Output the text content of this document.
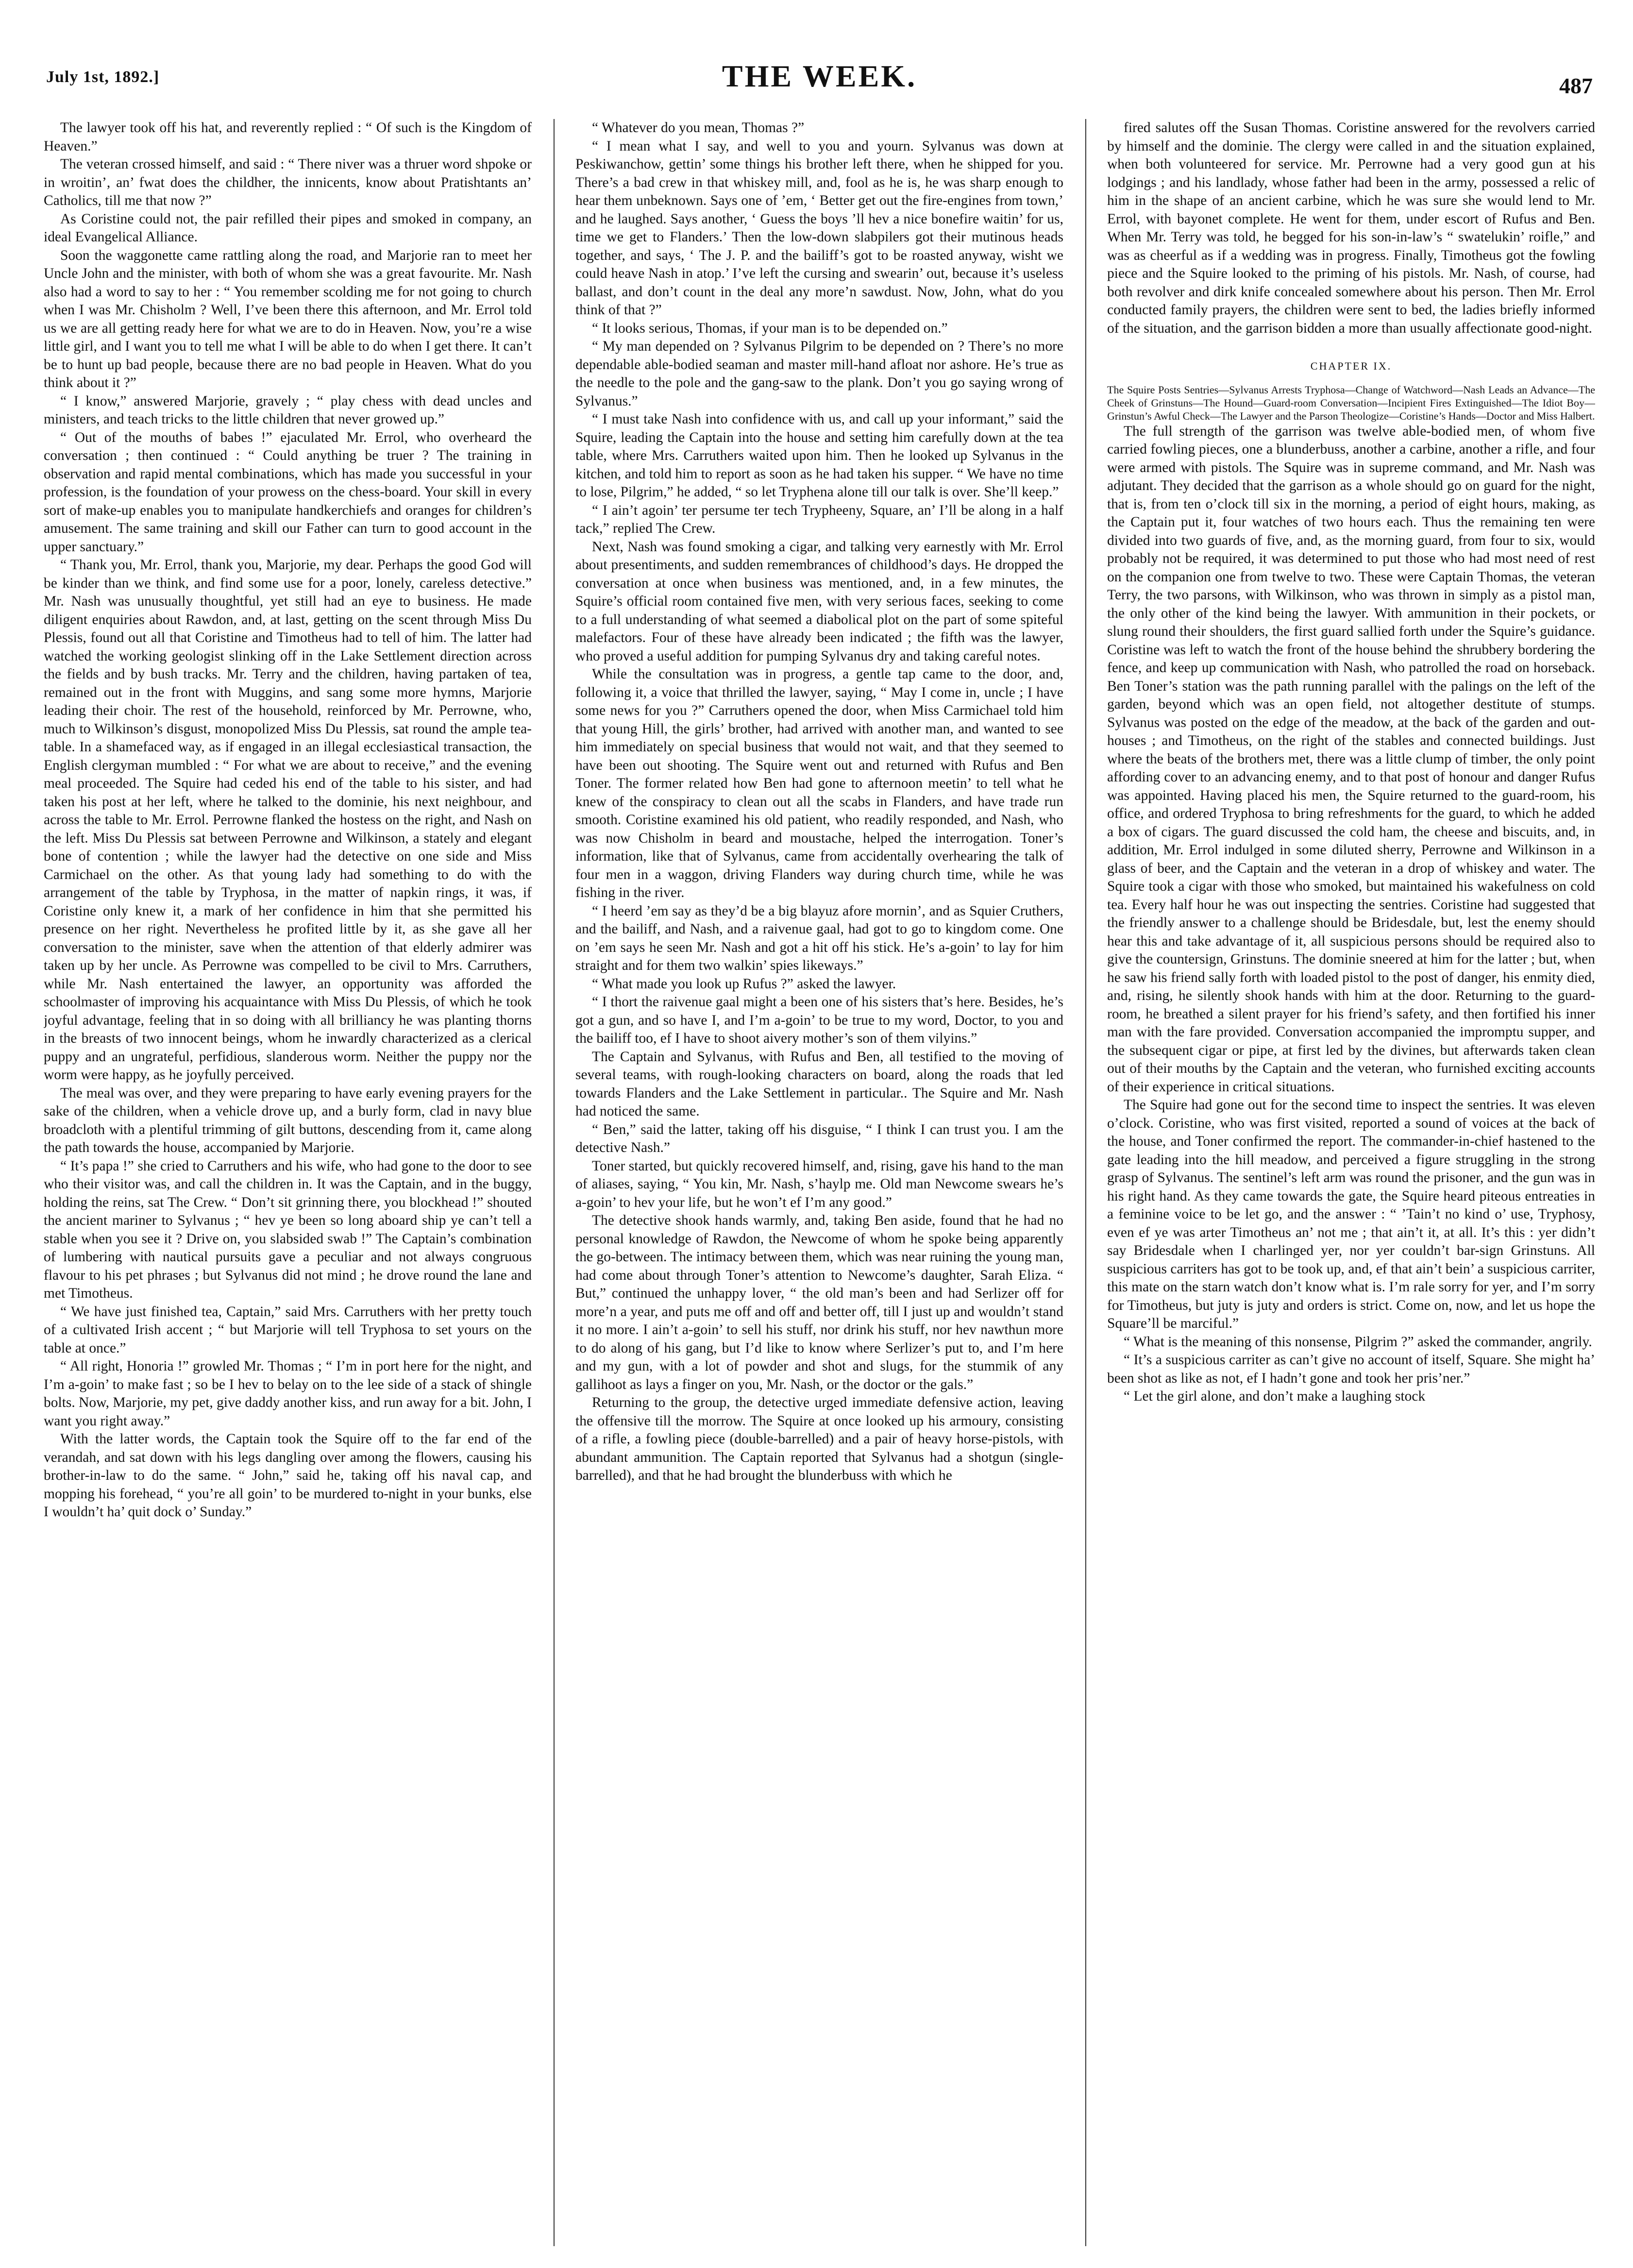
July 1st, 1892.]	THE WEEK.	487

The lawyer took off his hat, and reverently replied : “ Of such is the Kingdom of Heaven.”

The veteran crossed himself, and said : “ There niver was a thruer word shpoke or in wroitin’, an’ fwat does the childher, the innicents, know about Pratishtants an’ Catholics, till me that now ?”

As Coristine could not, the pair refilled their pipes and smoked in company, an ideal Evangelical Alliance.

Soon the waggonette came rattling along the road, and Marjorie ran to meet her Uncle John and the minister, with both of whom she was a great favourite. Mr. Nash also had a word to say to her : “ You remember scolding me for not going to church when I was Mr. Chisholm ? Well, I’ve been there this afternoon, and Mr. Errol told us we are all getting ready here for what we are to do in Heaven. Now, you’re a wise little girl, and I want you to tell me what I will be able to do when I get there. It can’t be to hunt up bad people, because there are no bad people in Heaven. What do you think about it ?”

“ I know,” answered Marjorie, gravely ; “ play chess with dead uncles and ministers, and teach tricks to the little children that never growed up.”

“ Out of the mouths of babes !” ejaculated Mr. Errol, who overheard the conversation ; then continued : “ Could anything be truer ? The training in observation and rapid mental combinations, which has made you successful in your profession, is the foundation of your prowess on the chess-board. Your skill in every sort of make-up enables you to manipulate handkerchiefs and oranges for children’s amusement. The same training and skill our Father can turn to good account in the upper sanctuary.”

“ Thank you, Mr. Errol, thank you, Marjorie, my dear. Perhaps the good God will be kinder than we think, and find some use for a poor, lonely, careless detective.” Mr. Nash was unusually thoughtful, yet still had an eye to business. He made diligent enquiries about Rawdon, and, at last, getting on the scent through Miss Du Plessis, found out all that Coristine and Timotheus had to tell of him. The latter had watched the working geologist slinking off in the Lake Settlement direction across the fields and by bush tracks. Mr. Terry and the children, having partaken of tea, remained out in the front with Muggins, and sang some more hymns, Marjorie leading their choir. The rest of the household, reinforced by Mr. Perrowne, who, much to Wilkinson’s disgust, monopolized Miss Du Plessis, sat round the ample tea-table. In a shamefaced way, as if engaged in an illegal ecclesiastical transaction, the English clergyman mumbled : “ For what we are about to receive,” and the evening meal proceeded. The Squire had ceded his end of the table to his sister, and had taken his post at her left, where he talked to the dominie, his next neighbour, and across the table to Mr. Errol. Perrowne flanked the hostess on the right, and Nash on the left. Miss Du Plessis sat between Perrowne and Wilkinson, a stately and elegant bone of contention ; while the lawyer had the detective on one side and Miss Carmichael on the other. As that young lady had something to do with the arrangement of the table by Tryphosa, in the matter of napkin rings, it was, if Coristine only knew it, a mark of her confidence in him that she permitted his presence on her right. Nevertheless he profited little by it, as she gave all her conversation to the minister, save when the attention of that elderly admirer was taken up by her uncle. As Perrowne was compelled to be civil to Mrs. Carruthers, while Mr. Nash entertained the lawyer, an opportunity was afforded the schoolmaster of improving his acquaintance with Miss Du Plessis, of which he took joyful advantage, feeling that in so doing with all brilliancy he was planting thorns in the breasts of two innocent beings, whom he inwardly characterized as a clerical puppy and an ungrateful, perfidious, slanderous worm. Neither the puppy nor the worm were happy, as he joyfully perceived.

The meal was over, and they were preparing to have early evening prayers for the sake of the children, when a vehicle drove up, and a burly form, clad in navy blue broadcloth with a plentiful trimming of gilt buttons, descending from it, came along the path towards the house, accompanied by Marjorie.

“ It’s papa !” she cried to Carruthers and his wife, who had gone to the door to see who their visitor was, and call the children in. It was the Captain, and in the buggy, holding the reins, sat The Crew. “ Don’t sit grinning there, you blockhead !” shouted the ancient mariner to Sylvanus ; “ hev ye been so long aboard ship ye can’t tell a stable when you see it ? Drive on, you slabsided swab !” The Captain’s combination of lumbering with nautical pursuits gave a peculiar and not always congruous flavour to his pet phrases ; but Sylvanus did not mind ; he drove round the lane and met Timotheus.

“ We have just finished tea, Captain,” said Mrs. Carruthers with her pretty touch of a cultivated Irish accent ; “ but Marjorie will tell Tryphosa to set yours on the table at once.”

“ All right, Honoria !” growled Mr. Thomas ; “ I’m in port here for the night, and I’m a-goin’ to make fast ; so be I hev to belay on to the lee side of a stack of shingle bolts. Now, Marjorie, my pet, give daddy another kiss, and run away for a bit. John, I want you right away.”

With the latter words, the Captain took the Squire off to the far end of the verandah, and sat down with his legs dangling over among the flowers, causing his brother-in-law to do the same. “ John,” said he, taking off his naval cap, and mopping his forehead, “ you’re all goin’ to be murdered to-night in your bunks, else I wouldn’t ha’ quit dock o’ Sunday.”

“ Whatever do you mean, Thomas ?”

“ I mean what I say, and well to you and yourn. Sylvanus was down at Peskiwanchow, gettin’ some things his brother left there, when he shipped for you. There’s a bad crew in that whiskey mill, and, fool as he is, he was sharp enough to hear them unbeknown. Says one of ’em, ‘ Better get out the fire-engines from town,’ and he laughed. Says another, ‘ Guess the boys ’ll hev a nice bonefire waitin’ for us, time we get to Flanders.’ Then the low-down slabpilers got their mutinous heads together, and says, ‘ The J. P. and the bailiff’s got to be roasted anyway, wisht we could heave Nash in atop.’ I’ve left the cursing and swearin’ out, because it’s useless ballast, and don’t count in the deal any more’n sawdust. Now, John, what do you think of that ?”

“ It looks serious, Thomas, if your man is to be depended on.”

“ My man depended on ? Sylvanus Pilgrim to be depended on ? There’s no more dependable able-bodied seaman and master mill-hand afloat nor ashore. He’s true as the needle to the pole and the gang-saw to the plank. Don’t you go saying wrong of Sylvanus.”

“ I must take Nash into confidence with us, and call up your informant,” said the Squire, leading the Captain into the house and setting him carefully down at the tea table, where Mrs. Carruthers waited upon him. Then he looked up Sylvanus in the kitchen, and told him to report as soon as he had taken his supper. “ We have no time to lose, Pilgrim,” he added, “ so let Tryphena alone till our talk is over. She’ll keep.”

“ I ain’t agoin’ ter persume ter tech Trypheeny, Square, an’ I’ll be along in a half tack,” replied The Crew.

Next, Nash was found smoking a cigar, and talking very earnestly with Mr. Errol about presentiments, and sudden remembrances of childhood’s days. He dropped the conversation at once when business was mentioned, and, in a few minutes, the Squire’s official room contained five men, with very serious faces, seeking to come to a full understanding of what seemed a diabolical plot on the part of some spiteful malefactors. Four of these have already been indicated ; the fifth was the lawyer, who proved a useful addition for pumping Sylvanus dry and taking careful notes.

While the consultation was in progress, a gentle tap came to the door, and, following it, a voice that thrilled the lawyer, saying, “ May I come in, uncle ; I have some news for you ?” Carruthers opened the door, when Miss Carmichael told him that young Hill, the girls’ brother, had arrived with another man, and wanted to see him immediately on special business that would not wait, and that they seemed to have been out shooting. The Squire went out and returned with Rufus and Ben Toner. The former related how Ben had gone to afternoon meetin’ to tell what he knew of the conspiracy to clean out all the scabs in Flanders, and have trade run smooth. Coristine examined his old patient, who readily responded, and Nash, who was now Chisholm in beard and moustache, helped the interrogation. Toner’s information, like that of Sylvanus, came from accidentally overhearing the talk of four men in a waggon, driving Flanders way during church time, while he was fishing in the river.

“ I heerd ’em say as they’d be a big blayuz afore mornin’, and as Squier Cruthers, and the bailiff, and Nash, and a raivenue gaal, had got to go to kingdom come. One on ’em says he seen Mr. Nash and got a hit off his stick. He’s a-goin’ to lay for him straight and for them two walkin’ spies likeways.”

“ What made you look up Rufus ?” asked the lawyer.

“ I thort the raivenue gaal might a been one of his sisters that’s here. Besides, he’s got a gun, and so have I, and I’m a-goin’ to be true to my word, Doctor, to you and the bailiff too, ef I have to shoot aivery mother’s son of them vilyins.”

The Captain and Sylvanus, with Rufus and Ben, all testified to the moving of several teams, with rough-looking characters on board, along the roads that led towards Flanders and the Lake Settlement in particular.. The Squire and Mr. Nash had noticed the same.

“ Ben,” said the latter, taking off his disguise, “ I think I can trust you. I am the detective Nash.”

Toner started, but quickly recovered himself, and, rising, gave his hand to the man of aliases, saying, “ You kin, Mr. Nash, s’haylp me. Old man Newcome swears he’s a-goin’ to hev your life, but he won’t ef I’m any good.”

The detective shook hands warmly, and, taking Ben aside, found that he had no personal knowledge of Rawdon, the Newcome of whom he spoke being apparently the go-between. The intimacy between them, which was near ruining the young man, had come about through Toner’s attention to Newcome’s daughter, Sarah Eliza. “ But,” continued the unhappy lover, “ the old man’s been and had Serlizer off for more’n a year, and puts me off and off and better off, till I just up and wouldn’t stand it no more. I ain’t a-goin’ to sell his stuff, nor drink his stuff, nor hev nawthun more to do along of his gang, but I’d like to know where Serlizer’s put to, and I’m here and my gun, with a lot of powder and shot and slugs, for the stummik of any gallihoot as lays a finger on you, Mr. Nash, or the doctor or the gals.”

Returning to the group, the detective urged immediate defensive action, leaving the offensive till the morrow. The Squire at once looked up his armoury, consisting of a rifle, a fowling piece (double-barrelled) and a pair of heavy horse-pistols, with abundant ammunition. The Captain reported that Sylvanus had a shotgun (single-barrelled), and that he had brought the blunderbuss with which he

fired salutes off the Susan Thomas. Coristine answered for the revolvers carried by himself and the dominie. The clergy were called in and the situation explained, when both volunteered for service. Mr. Perrowne had a very good gun at his lodgings ; and his landlady, whose father had been in the army, possessed a relic of him in the shape of an ancient carbine, which he was sure she would lend to Mr. Errol, with bayonet complete. He went for them, under escort of Rufus and Ben. When Mr. Terry was told, he begged for his son-in-law’s “ swatelukin’ roifle,” and was as cheerful as if a wedding was in progress. Finally, Timotheus got the fowling piece and the Squire looked to the priming of his pistols. Mr. Nash, of course, had both revolver and dirk knife concealed somewhere about his person. Then Mr. Errol conducted family prayers, the children were sent to bed, the ladies briefly informed of the situation, and the garrison bidden a more than usually affectionate good-night.

CHAPTER IX.

The Squire Posts Sentries—Sylvanus Arrests Tryphosa—Change of Watchword—Nash Leads an Advance—The Cheek of Grinstuns—The Hound—Guard-room Conversation—Incipient Fires Extinguished—The Idiot Boy—Grinstun’s Awful Check—The Lawyer and the Parson Theologize—Coristine’s Hands—Doctor and Miss Halbert.

The full strength of the garrison was twelve able-bodied men, of whom five carried fowling pieces, one a blunderbuss, another a carbine, another a rifle, and four were armed with pistols. The Squire was in supreme command, and Mr. Nash was adjutant. They decided that the garrison as a whole should go on guard for the night, that is, from ten o’clock till six in the morning, a period of eight hours, making, as the Captain put it, four watches of two hours each. Thus the remaining ten were divided into two guards of five, and, as the morning guard, from four to six, would probably not be required, it was determined to put those who had most need of rest on the companion one from twelve to two. These were Captain Thomas, the veteran Terry, the two parsons, with Wilkinson, who was thrown in simply as a pistol man, the only other of the kind being the lawyer. With ammunition in their pockets, or slung round their shoulders, the first guard sallied forth under the Squire’s guidance. Coristine was left to watch the front of the house behind the shrubbery bordering the fence, and keep up communication with Nash, who patrolled the road on horseback. Ben Toner’s station was the path running parallel with the palings on the left of the garden, beyond which was an open field, not altogether destitute of stumps. Sylvanus was posted on the edge of the meadow, at the back of the garden and out-houses ; and Timotheus, on the right of the stables and connected buildings. Just where the beats of the brothers met, there was a little clump of timber, the only point affording cover to an advancing enemy, and to that post of honour and danger Rufus was appointed. Having placed his men, the Squire returned to the guard-room, his office, and ordered Tryphosa to bring refreshments for the guard, to which he added a box of cigars. The guard discussed the cold ham, the cheese and biscuits, and, in addition, Mr. Errol indulged in some diluted sherry, Perrowne and Wilkinson in a glass of beer, and the Captain and the veteran in a drop of whiskey and water. The Squire took a cigar with those who smoked, but maintained his wakefulness on cold tea. Every half hour he was out inspecting the sentries. Coristine had suggested that the friendly answer to a challenge should be Bridesdale, but, lest the enemy should hear this and take advantage of it, all suspicious persons should be required also to give the countersign, Grinstuns. The dominie sneered at him for the latter ; but, when he saw his friend sally forth with loaded pistol to the post of danger, his enmity died, and, rising, he silently shook hands with him at the door. Returning to the guard-room, he breathed a silent prayer for his friend’s safety, and then fortified his inner man with the fare provided. Conversation accompanied the impromptu supper, and the subsequent cigar or pipe, at first led by the divines, but afterwards taken clean out of their mouths by the Captain and the veteran, who furnished exciting accounts of their experience in critical situations.

The Squire had gone out for the second time to inspect the sentries. It was eleven o’clock. Coristine, who was first visited, reported a sound of voices at the back of the house, and Toner confirmed the report. The commander-in-chief hastened to the gate leading into the hill meadow, and perceived a figure struggling in the strong grasp of Sylvanus. The sentinel’s left arm was round the prisoner, and the gun was in his right hand. As they came towards the gate, the Squire heard piteous entreaties in a feminine voice to be let go, and the answer : “ ’Tain’t no kind o’ use, Tryphosy, even ef ye was arter Timotheus an’ not me ; that ain’t it, at all. It’s this : yer didn’t say Bridesdale when I charlinged yer, nor yer couldn’t bar-sign Grinstuns. All suspicious carriters has got to be took up, and, ef that ain’t bein’ a suspicious carriter, this mate on the starn watch don’t know what is. I’m rale sorry for yer, and I’m sorry for Timotheus, but juty is juty and orders is strict. Come on, now, and let us hope the Square’ll be marciful.”

“ What is the meaning of this nonsense, Pilgrim ?” asked the commander, angrily.

“ It’s a suspicious carriter as can’t give no account of itself, Square. She might ha’ been shot as like as not, ef I hadn’t gone and took her pris’ner.”

“ Let the girl alone, and don’t make a laughing stock
